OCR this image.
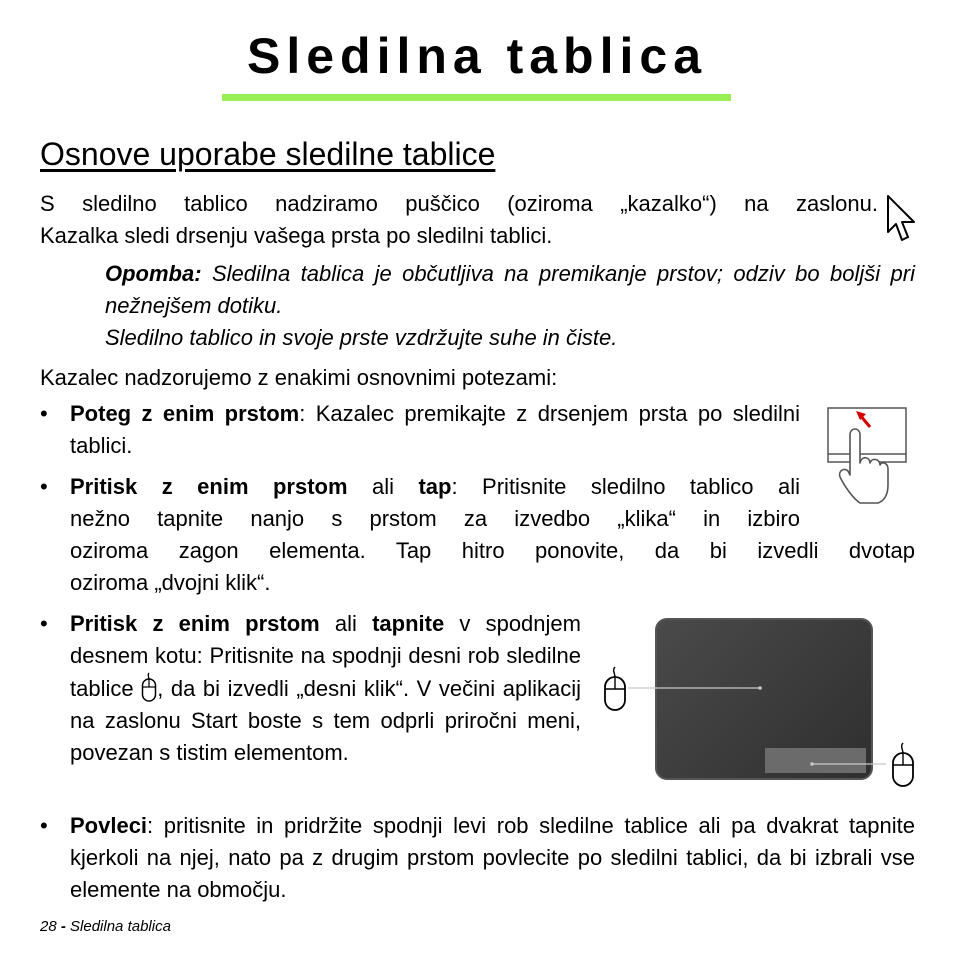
Sledilna tablica
Osnove uporabe sledilne tablice

S sledilno tablico nadziramo puščico (oziroma „kazalko“) na zaslonu.

Kazalka sledi drsenju vašega prsta po sledilni tablici.

Opomba: Sledilna tablica je občutljiva na premikanje prstov; odziv bo boljši pri nežnejšem dotiku.

Sledilno tablico in svoje prste vzdržujte suhe in čiste.

Kazalec nadzorujemo z enakimi osnovnimi potezami:

• Poteg z enim prstom: Kazalec premikajte z drsenjem prsta po sledilni tablici.

• Pritisk z enim prstom ali tap: Pritisnite sledilno tablico ali

nežno tapnite nanjo s prstom za izvedbo „klika“ in izbiro

oziroma zagon elementa. Tap hitro ponovite, da bi izvedli dvotap

oziroma „dvojni klik“.

• Pritisk z enim prstom ali tapnite v spodnjem desnem kotu: Pritisnite na spodnji desni rob sledilne tablice , da bi izvedli „desni klik“. V večini aplikacij na zaslonu Start boste s tem odprli priročni meni, povezan s tistim elementom.
• Povleci: pritisnite in pridržite spodnji levi rob sledilne tablice ali pa dvakrat tapnite kjerkoli na njej, nato pa z drugim prstom povlecite po sledilni tablici, da bi izbrali vse elemente na območju.

28 - Sledilna tablica
